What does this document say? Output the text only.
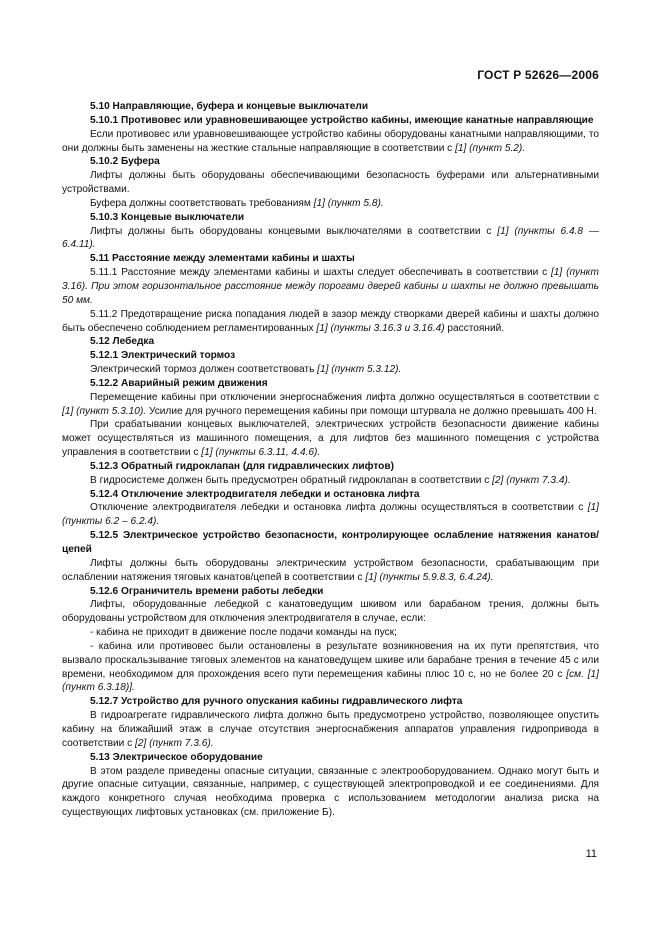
ГОСТ Р 52626—2006

5.10 Направляющие, буфера и концевые выключатели

5.10.1 Противовес или уравновешивающее устройство кабины, имеющие канатные направляющие

Если противовес или уравновешивающее устройство кабины оборудованы канатными направляющими, то они должны быть заменены на жесткие стальные направляющие в соответствии с [1] (пункт 5.2).

5.10.2 Буфера

Лифты должны быть оборудованы обеспечивающими безопасность буферами или альтернативными устройствами.

Буфера должны соответствовать требованиям [1] (пункт 5.8).

5.10.3 Концевые выключатели

Лифты должны быть оборудованы концевыми выключателями в соответствии с [1] (пункты 6.4.8 — 6.4.11).

5.11 Расстояние между элементами кабины и шахты

5.11.1 Расстояние между элементами кабины и шахты следует обеспечивать в соответствии с [1] (пункт 3.16). При этом горизонтальное расстояние между порогами дверей кабины и шахты не должно превышать 50 мм.

5.11.2 Предотвращение риска попадания людей в зазор между створками дверей кабины и шахты должно быть обеспечено соблюдением регламентированных [1] (пункты 3.16.3 и 3.16.4) расстояний.

5.12 Лебедка

5.12.1 Электрический тормоз

Электрический тормоз должен соответствовать [1] (пункт 5.3.12).

5.12.2 Аварийный режим движения

Перемещение кабины при отключении энергоснабжения лифта должно осуществляться в соответствии с [1] (пункт 5.3.10). Усилие для ручного перемещения кабины при помощи штурвала не должно превышать 400 Н.

При срабатывании концевых выключателей, электрических устройств безопасности движение кабины может осуществляться из машинного помещения, а для лифтов без машинного помещения с устройства управления в соответствии с [1] (пункты 6.3.11, 4.4.6).

5.12.3 Обратный гидроклапан (для гидравлических лифтов)

В гидросистеме должен быть предусмотрен обратный гидроклапан в соответствии с [2] (пункт 7.3.4).

5.12.4 Отключение электродвигателя лебедки и остановка лифта

Отключение электродвигателя лебедки и остановка лифта должны осуществляться в соответствии с [1] (пункты 6.2 – 6.2.4).

5.12.5 Электрическое устройство безопасности, контролирующее ослабление натяжения канатов/цепей

Лифты должны быть оборудованы электрическим устройством безопасности, срабатывающим при ослаблении натяжения тяговых канатов/цепей в соответствии с [1] (пункты 5.9.8.3, 6.4.24).

5.12.6 Ограничитель времени работы лебедки

Лифты, оборудованные лебедкой с канатоведущим шкивом или барабаном трения, должны быть оборудованы устройством для отключения электродвигателя в случае, если:

- кабина не приходит в движение после подачи команды на пуск;

- кабина или противовес были остановлены в результате возникновения на их пути препятствия, что вызвало проскальзывание тяговых элементов на канатоведущем шкиве или барабане трения в течение 45 с или времени, необходимом для прохождения всего пути перемещения кабины плюс 10 с, но не более 20 с [см. [1] (пункт 6.3.18)].

5.12.7 Устройство для ручного опускания кабины гидравлического лифта

В гидроагрегате гидравлического лифта должно быть предусмотрено устройство, позволяющее опустить кабину на ближайший этаж в случае отсутствия энергоснабжения аппаратов управления гидропривода в соответствии с [2] (пункт 7.3.6).

5.13 Электрическое оборудование

В этом разделе приведены опасные ситуации, связанные с электрооборудованием. Однако могут быть и другие опасные ситуации, связанные, например, с существующей электропроводкой и ее соединениями. Для каждого конкретного случая необходима проверка с использованием методологии анализа риска на существующих лифтовых установках (см. приложение Б).

11
